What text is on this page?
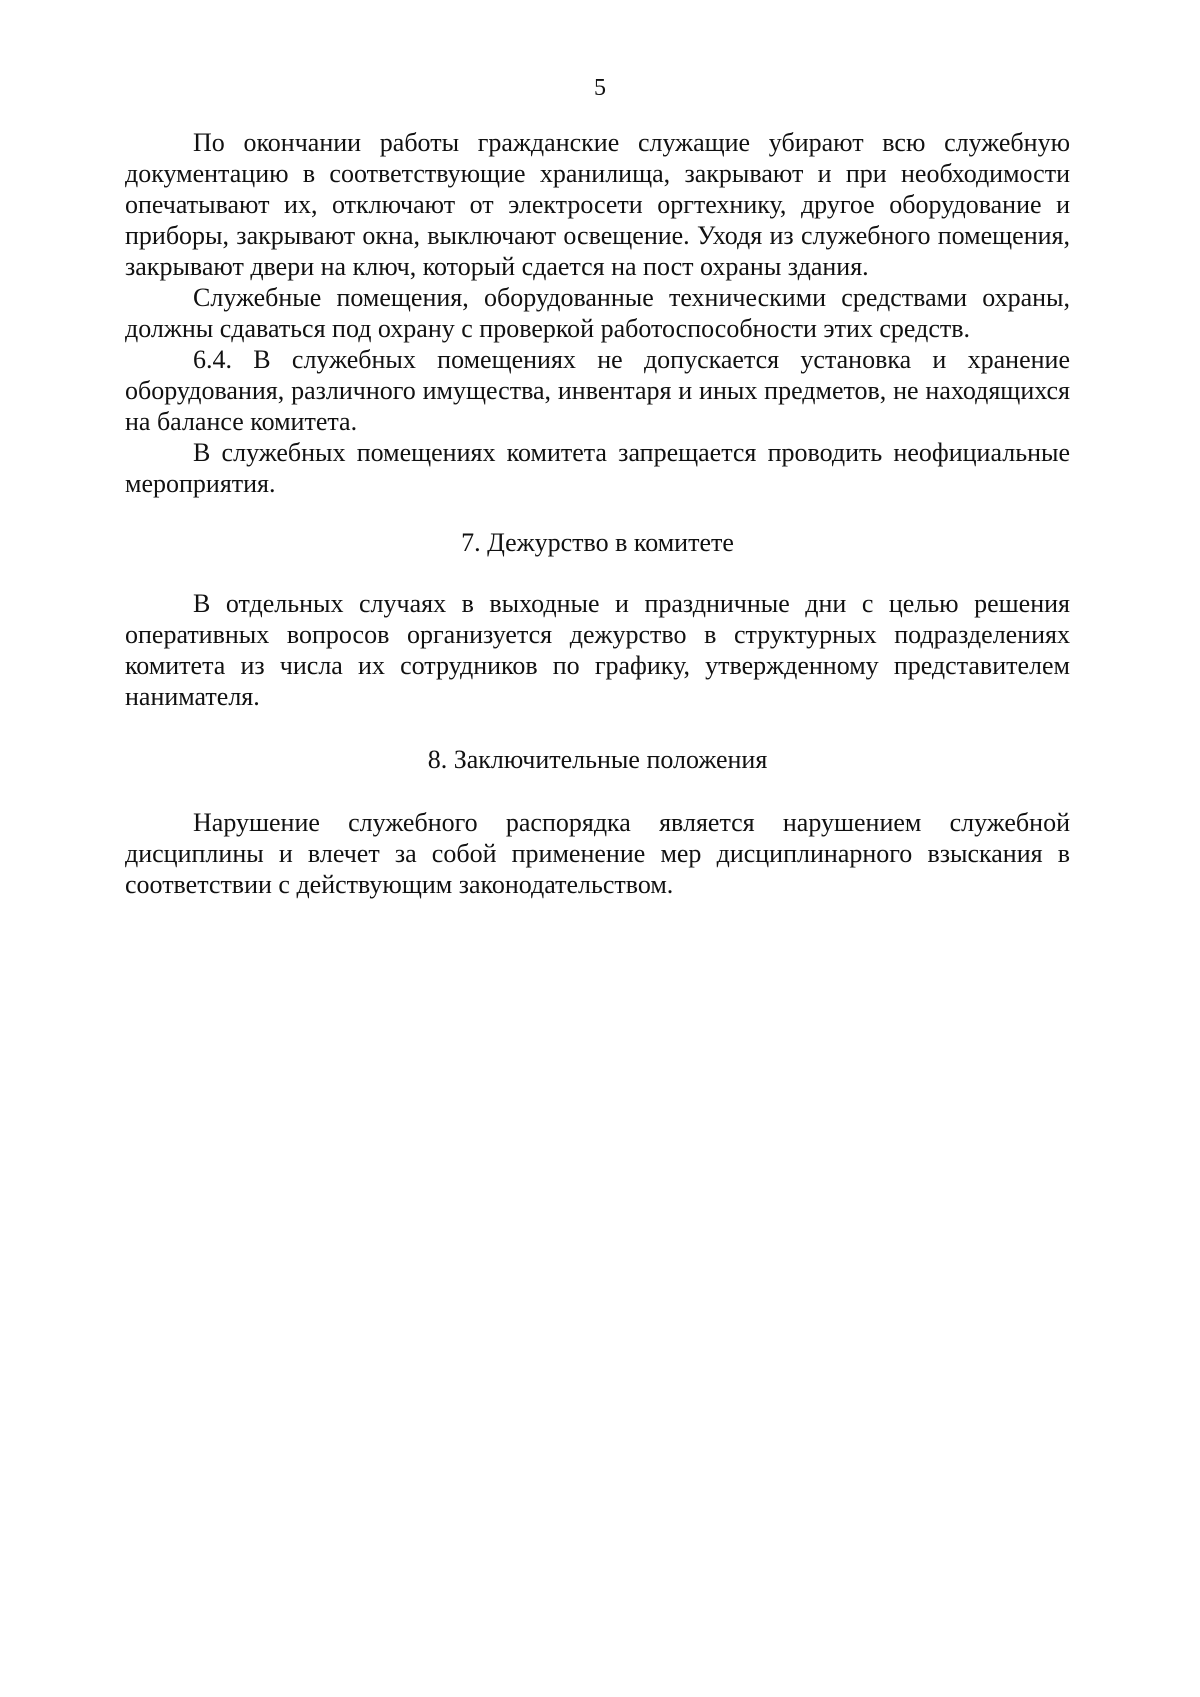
5

По окончании работы гражданские служащие убирают всю служебную документацию в соответствующие хранилища, закрывают и при необходимости опечатывают их, отключают от электросети оргтехнику, другое оборудование и приборы, закрывают окна, выключают освещение. Уходя из служебного помещения, закрывают двери на ключ, который сдается на пост охраны здания.

Служебные помещения, оборудованные техническими средствами охраны, должны сдаваться под охрану с проверкой работоспособности этих средств.

6.4. В служебных помещениях не допускается установка и хранение оборудования, различного имущества, инвентаря и иных предметов, не находящихся на балансе комитета.

В служебных помещениях комитета запрещается проводить неофициальные мероприятия.

7. Дежурство в комитете

В отдельных случаях в выходные и праздничные дни с целью решения оперативных вопросов организуется дежурство в структурных подразделениях комитета из числа их сотрудников по графику, утвержденному представителем нанимателя.

8. Заключительные положения

Нарушение служебного распорядка является нарушением служебной дисциплины и влечет за собой применение мер дисциплинарного взыскания в соответствии с действующим законодательством.
